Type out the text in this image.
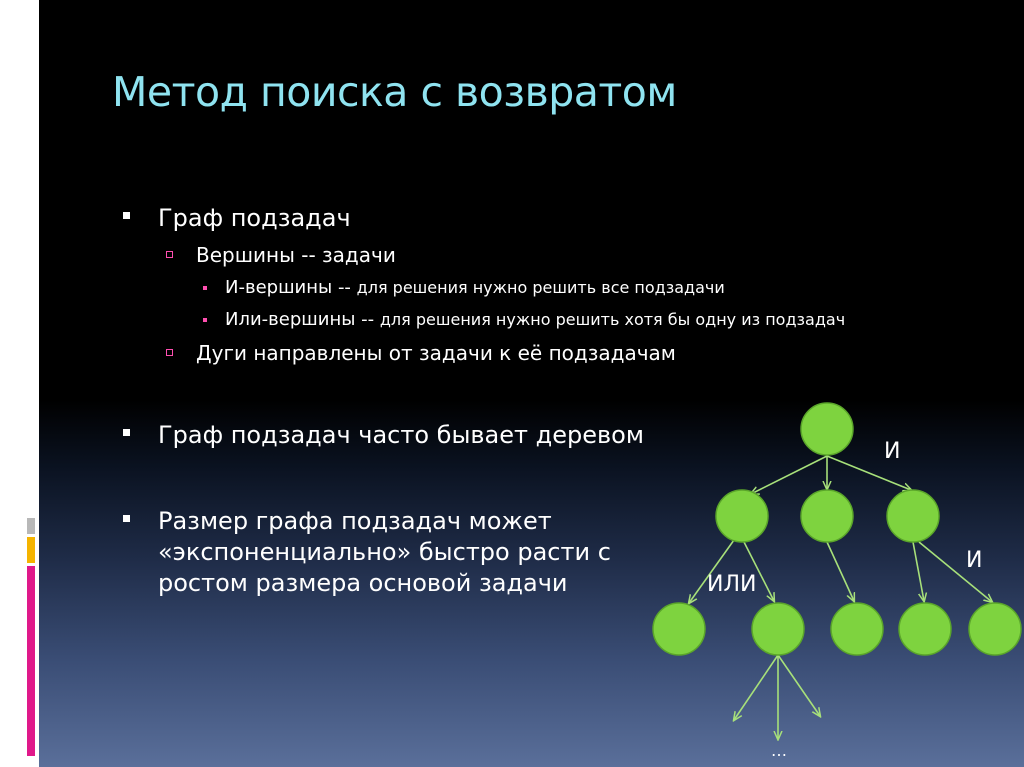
Метод поиска с возвратом
Граф подзадач
Вершины -- задачи
И-вершины -- для решения нужно решить все подзадачи
Или-вершины -- для решения нужно решить хотя бы одну из подзадач
Дуги направлены от задачи к её подзадачам
Граф подзадач часто бывает деревом
Размер графа подзадач может
«экспоненциально» быстро расти с
ростом размера основой задачи
И
И
ИЛИ
…
